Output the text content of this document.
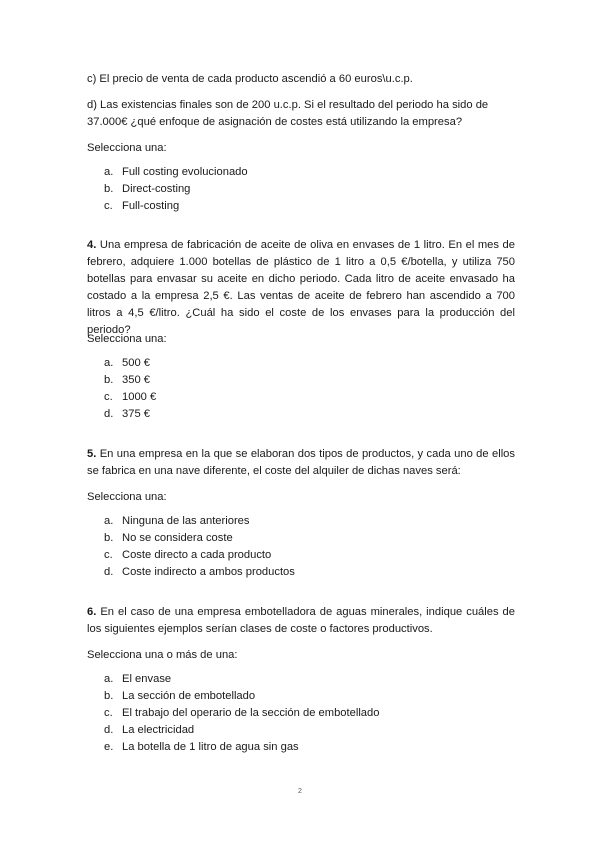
c) El precio de venta de cada producto ascendió a 60 euros\u.c.p.

d) Las existencias finales son de 200 u.c.p. Si el resultado del periodo ha sido de 37.000€ ¿qué enfoque de asignación de costes está utilizando la empresa?

Selecciona una:

a. Full costing evolucionado
b. Direct-costing
c. Full-costing

4. Una empresa de fabricación de aceite de oliva en envases de 1 litro. En el mes de febrero, adquiere 1.000 botellas de plástico de 1 litro a 0,5 €/botella, y utiliza 750 botellas para envasar su aceite en dicho periodo. Cada litro de aceite envasado ha costado a la empresa 2,5 €. Las ventas de aceite de febrero han ascendido a 700 litros a 4,5 €/litro. ¿Cuál ha sido el coste de los envases para la producción del periodo?

Selecciona una:

a. 500 €
b. 350 €
c. 1000 €
d. 375 €

5. En una empresa en la que se elaboran dos tipos de productos, y cada uno de ellos se fabrica en una nave diferente, el coste del alquiler de dichas naves será:

Selecciona una:

a. Ninguna de las anteriores
b. No se considera coste
c. Coste directo a cada producto
d. Coste indirecto a ambos productos

6. En el caso de una empresa embotelladora de aguas minerales, indique cuáles de los siguientes ejemplos serían clases de coste o factores productivos.

Selecciona una o más de una:

a. El envase
b. La sección de embotellado
c. El trabajo del operario de la sección de embotellado
d. La electricidad
e. La botella de 1 litro de agua sin gas
2
